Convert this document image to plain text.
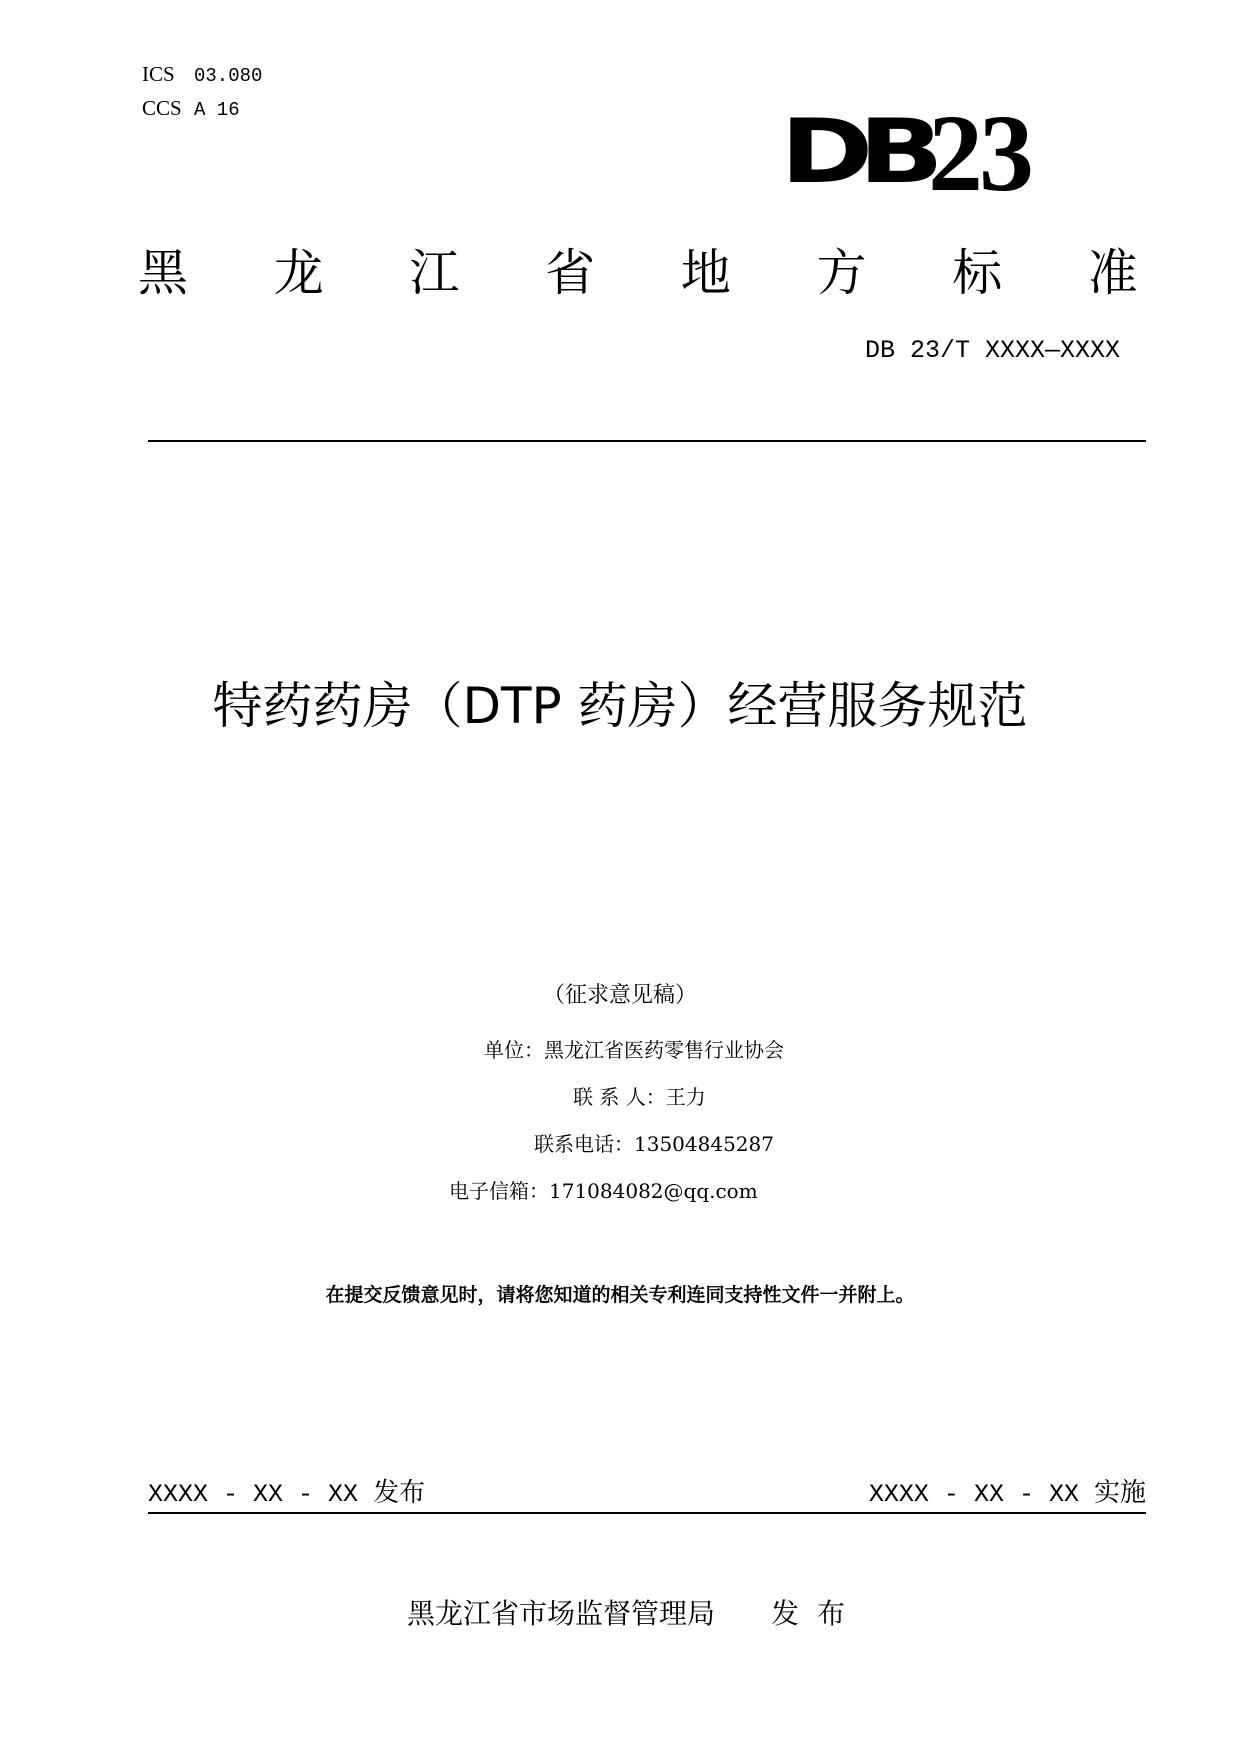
ICS 03.080
CCS A 16	DB 23
黑 龙 江 省 地 方 标 准
DB 23/T XXXX—XXXX
特药药房（DTP 药房）经营服务规范
（征求意见稿）
单位：黑龙江省医药零售行业协会
联 系 人：王力
联系电话：13504845287
电子信箱：171084082@qq.com
在提交反馈意见时，请将您知道的相关专利连同支持性文件一并附上。
XXXX - XX - XX 发布	XXXX - XX - XX 实施
黑龙江省市场监督管理局 发布
